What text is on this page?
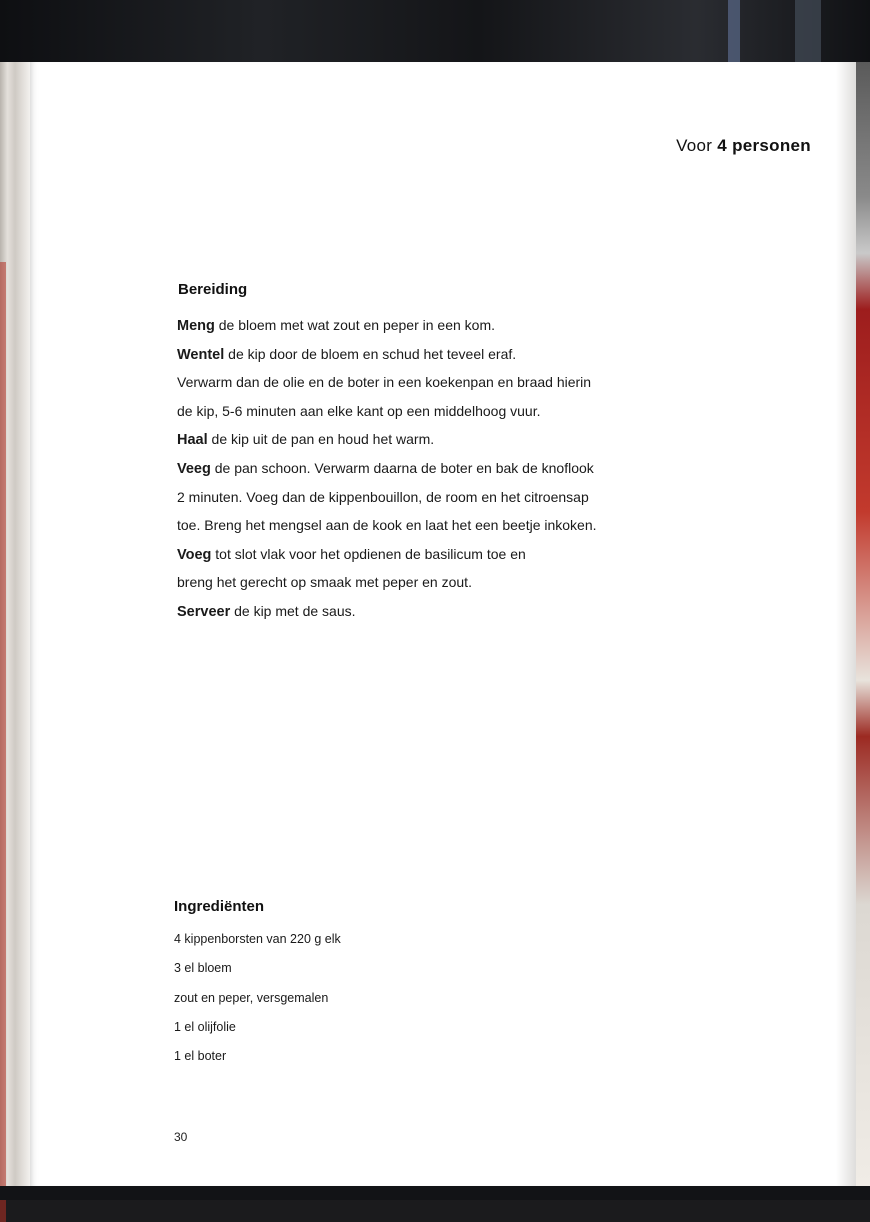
Voor 4 personen
Bereiding
Meng de bloem met wat zout en peper in een kom.
Wentel de kip door de bloem en schud het teveel eraf.
Verwarm dan de olie en de boter in een koekenpan en braad hierin
de kip, 5-6 minuten aan elke kant op een middelhoog vuur.
Haal de kip uit de pan en houd het warm.
Veeg de pan schoon. Verwarm daarna de boter en bak de knoflook
2 minuten. Voeg dan de kippenbouillon, de room en het citroensap
toe. Breng het mengsel aan de kook en laat het een beetje inkoken.
Voeg tot slot vlak voor het opdienen de basilicum toe en
breng het gerecht op smaak met peper en zout.
Serveer de kip met de saus.
Ingrediënten
4 kippenborsten van 220 g elk
3 el bloem
zout en peper, versgemalen
1 el olijfolie
1 el boter
30
